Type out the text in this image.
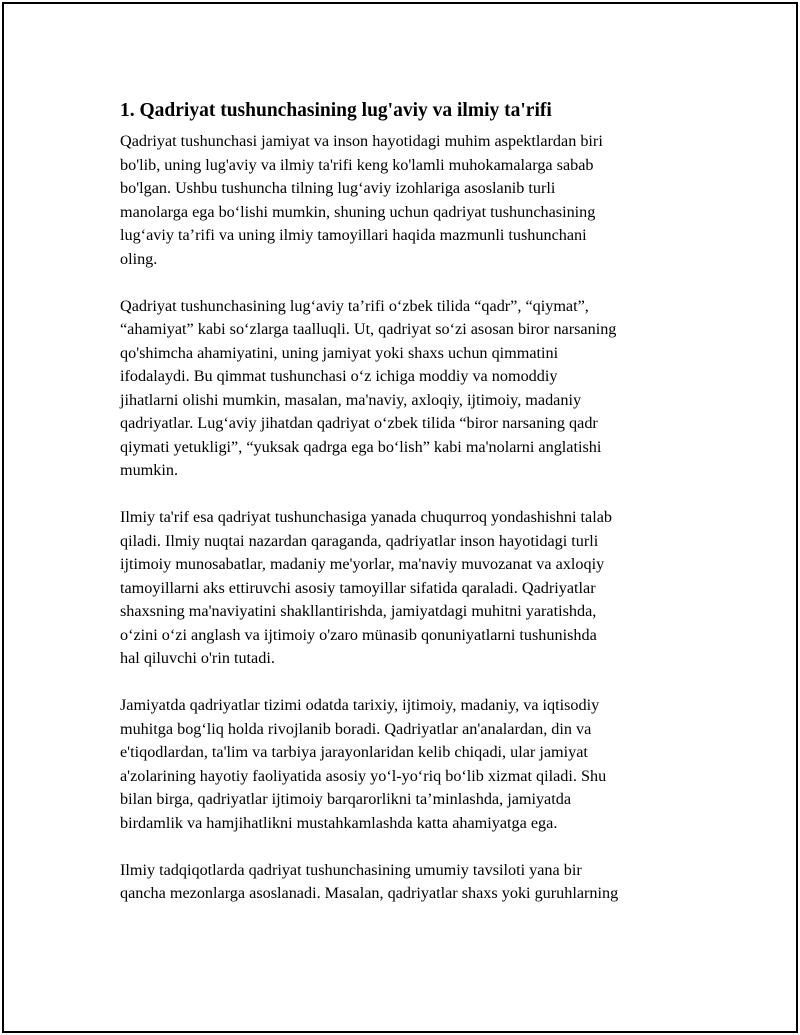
1. Qadriyat tushunchasining lug'aviy va ilmiy ta'rifi

Qadriyat tushunchasi jamiyat va inson hayotidagi muhim aspektlardan biri
bo'lib, uning lug'aviy va ilmiy ta'rifi keng ko'lamli muhokamalarga sabab
bo'lgan. Ushbu tushuncha tilning lug‘aviy izohlariga asoslanib turli
manolarga ega bo‘lishi mumkin, shuning uchun qadriyat tushunchasining
lug‘aviy ta’rifi va uning ilmiy tamoyillari haqida mazmunli tushunchani
oling.

Qadriyat tushunchasining lug‘aviy ta’rifi o‘zbek tilida “qadr”, “qiymat”,
“ahamiyat” kabi so‘zlarga taalluqli. Ut, qadriyat so‘zi asosan biror narsaning
qo'shimcha ahamiyatini, uning jamiyat yoki shaxs uchun qimmatini
ifodalaydi. Bu qimmat tushunchasi o‘z ichiga moddiy va nomoddiy
jihatlarni olishi mumkin, masalan, ma'naviy, axloqiy, ijtimoiy, madaniy
qadriyatlar. Lug‘aviy jihatdan qadriyat o‘zbek tilida “biror narsaning qadr
qiymati yetukligi”, “yuksak qadrga ega bo‘lish” kabi ma'nolarni anglatishi
mumkin.

Ilmiy ta'rif esa qadriyat tushunchasiga yanada chuqurroq yondashishni talab
qiladi. Ilmiy nuqtai nazardan qaraganda, qadriyatlar inson hayotidagi turli
ijtimoiy munosabatlar, madaniy me'yorlar, ma'naviy muvozanat va axloqiy
tamoyillarni aks ettiruvchi asosiy tamoyillar sifatida qaraladi. Qadriyatlar
shaxsning ma'naviyatini shakllantirishda, jamiyatdagi muhitni yaratishda,
o‘zini o‘zi anglash va ijtimoiy o'zaro münasib qonuniyatlarni tushunishda
hal qiluvchi o'rin tutadi.

Jamiyatda qadriyatlar tizimi odatda tarixiy, ijtimoiy, madaniy, va iqtisodiy
muhitga bog‘liq holda rivojlanib boradi. Qadriyatlar an'analardan, din va
e'tiqodlardan, ta'lim va tarbiya jarayonlaridan kelib chiqadi, ular jamiyat
a'zolarining hayotiy faoliyatida asosiy yo‘l-yo‘riq bo‘lib xizmat qiladi. Shu
bilan birga, qadriyatlar ijtimoiy barqarorlikni ta’minlashda, jamiyatda
birdamlik va hamjihatlikni mustahkamlashda katta ahamiyatga ega.

Ilmiy tadqiqotlarda qadriyat tushunchasining umumiy tavsiloti yana bir
qancha mezonlarga asoslanadi. Masalan, qadriyatlar shaxs yoki guruhlarning
